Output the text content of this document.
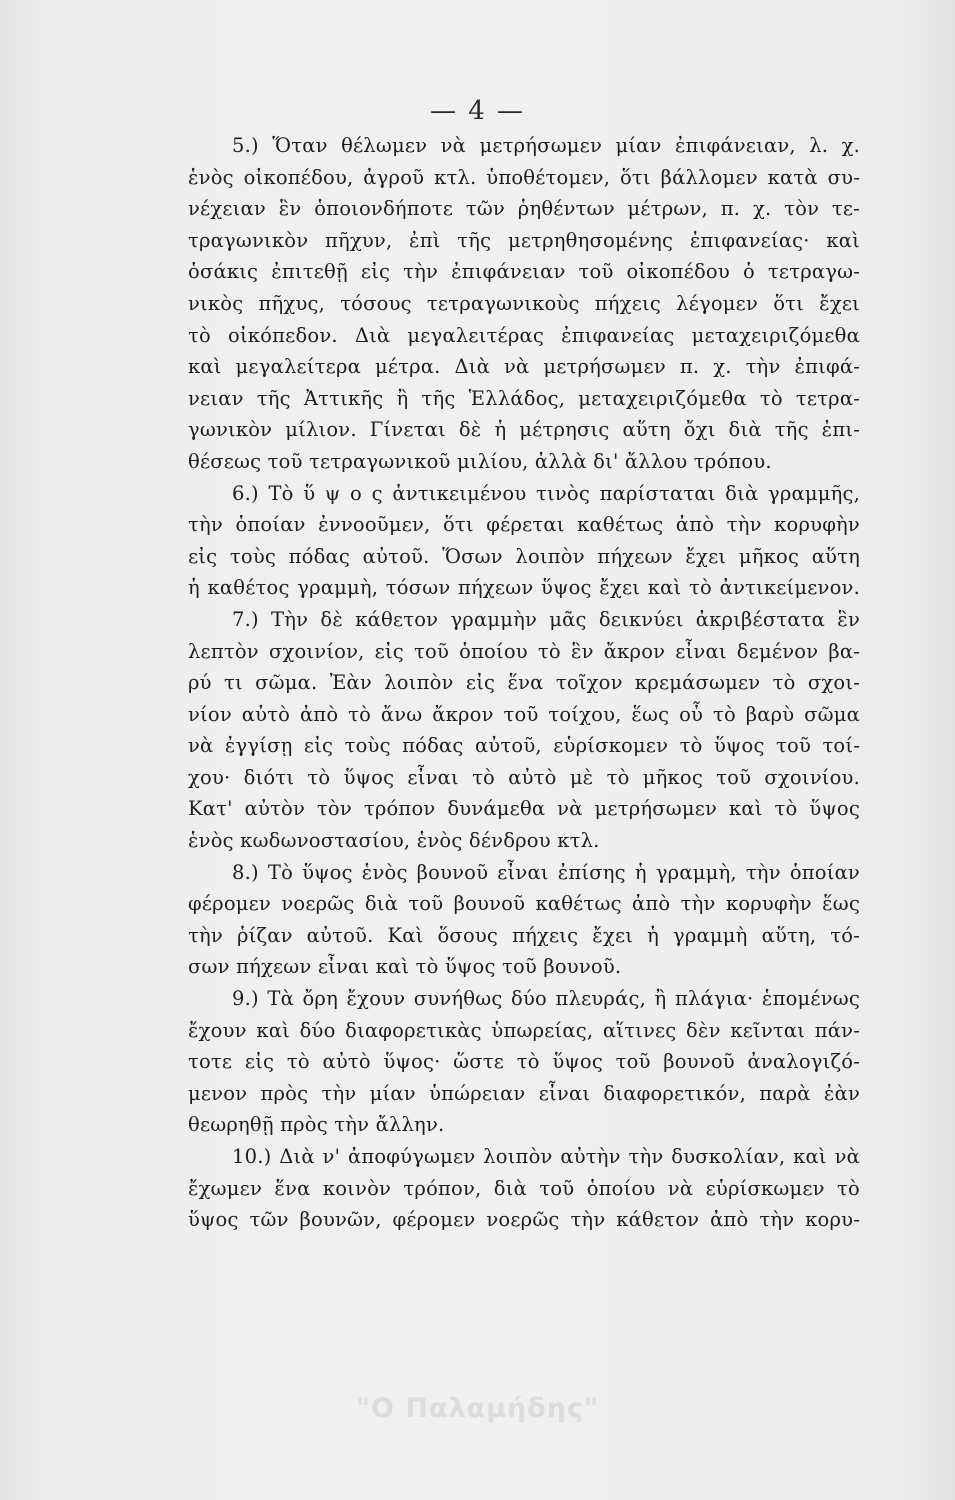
— 4 —
5.) Ὅταν θέλωμεν νὰ μετρήσωμεν μίαν ἐπιφάνειαν, λ. χ.
ἑνὸς οἰκοπέδου, ἀγροῦ κτλ. ὑποθέτομεν, ὅτι βάλλομεν κατὰ συ-
νέχειαν ἓν ὁποιονδήποτε τῶν ῥηθέντων μέτρων, π. χ. τὸν τε-
τραγωνικὸν πῆχυν, ἐπὶ τῆς μετρηθησομένης ἐπιφανείας· καὶ
ὁσάκις ἐπιτεθῇ εἰς τὴν ἐπιφάνειαν τοῦ οἰκοπέδου ὁ τετραγω-
νικὸς πῆχυς, τόσους τετραγωνικοὺς πήχεις λέγομεν ὅτι ἔχει
τὸ οἰκόπεδον. Διὰ μεγαλειτέρας ἐπιφανείας μεταχειριζόμεθα
καὶ μεγαλείτερα μέτρα. Διὰ νὰ μετρήσωμεν π. χ. τὴν ἐπιφά-
νειαν τῆς Ἀττικῆς ἢ τῆς Ἑλλάδος, μεταχειριζόμεθα τὸ τετρα-
γωνικὸν μίλιον. Γίνεται δὲ ἡ μέτρησις αὕτη ὄχι διὰ τῆς ἐπι-
θέσεως τοῦ τετραγωνικοῦ μιλίου, ἀλλὰ δι' ἄλλου τρόπου.
6.) Τὸ ὕ ψ ο ς ἀντικειμένου τινὸς παρίσταται διὰ γραμμῆς,
τὴν ὁποίαν ἐννοοῦμεν, ὅτι φέρεται καθέτως ἀπὸ τὴν κορυφὴν
εἰς τοὺς πόδας αὐτοῦ. Ὅσων λοιπὸν πήχεων ἔχει μῆκος αὕτη
ἡ καθέτος γραμμὴ, τόσων πήχεων ὕψος ἔχει καὶ τὸ ἀντικείμενον.
7.) Τὴν δὲ κάθετον γραμμὴν μᾶς δεικνύει ἀκριβέστατα ἓν
λεπτὸν σχοινίον, εἰς τοῦ ὁποίου τὸ ἓν ἄκρον εἶναι δεμένον βα-
ρύ τι σῶμα. Ἐὰν λοιπὸν εἰς ἕνα τοῖχον κρεμάσωμεν τὸ σχοι-
νίον αὐτὸ ἀπὸ τὸ ἄνω ἄκρον τοῦ τοίχου, ἕως οὗ τὸ βαρὺ σῶμα
νὰ ἐγγίσῃ εἰς τοὺς πόδας αὐτοῦ, εὑρίσκομεν τὸ ὕψος τοῦ τοί-
χου· διότι τὸ ὕψος εἶναι τὸ αὐτὸ μὲ τὸ μῆκος τοῦ σχοινίου.
Κατ' αὐτὸν τὸν τρόπον δυνάμεθα νὰ μετρήσωμεν καὶ τὸ ὕψος
ἑνὸς κωδωνοστασίου, ἑνὸς δένδρου κτλ.
8.) Τὸ ὕψος ἑνὸς βουνοῦ εἶναι ἐπίσης ἡ γραμμὴ, τὴν ὁποίαν
φέρομεν νοερῶς διὰ τοῦ βουνοῦ καθέτως ἀπὸ τὴν κορυφὴν ἕως
τὴν ῥίζαν αὐτοῦ. Καὶ ὅσους πήχεις ἔχει ἡ γραμμὴ αὕτη, τό-
σων πήχεων εἶναι καὶ τὸ ὕψος τοῦ βουνοῦ.
9.) Τὰ ὄρη ἔχουν συνήθως δύο πλευράς, ἢ πλάγια· ἑπομένως
ἔχουν καὶ δύο διαφορετικὰς ὑπωρείας, αἵτινες δὲν κεῖνται πάν-
τοτε εἰς τὸ αὐτὸ ὕψος· ὥστε τὸ ὕψος τοῦ βουνοῦ ἀναλογιζό-
μενον πρὸς τὴν μίαν ὑπώρειαν εἶναι διαφορετικόν, παρὰ ἐὰν
θεωρηθῇ πρὸς τὴν ἄλλην.
10.) Διὰ ν' ἀποφύγωμεν λοιπὸν αὐτὴν τὴν δυσκολίαν, καὶ νὰ
ἔχωμεν ἕνα κοινὸν τρόπον, διὰ τοῦ ὁποίου νὰ εὑρίσκωμεν τὸ
ὕψος τῶν βουνῶν, φέρομεν νοερῶς τὴν κάθετον ἀπὸ τὴν κορυ-
"Ο Παλαμήδης"
